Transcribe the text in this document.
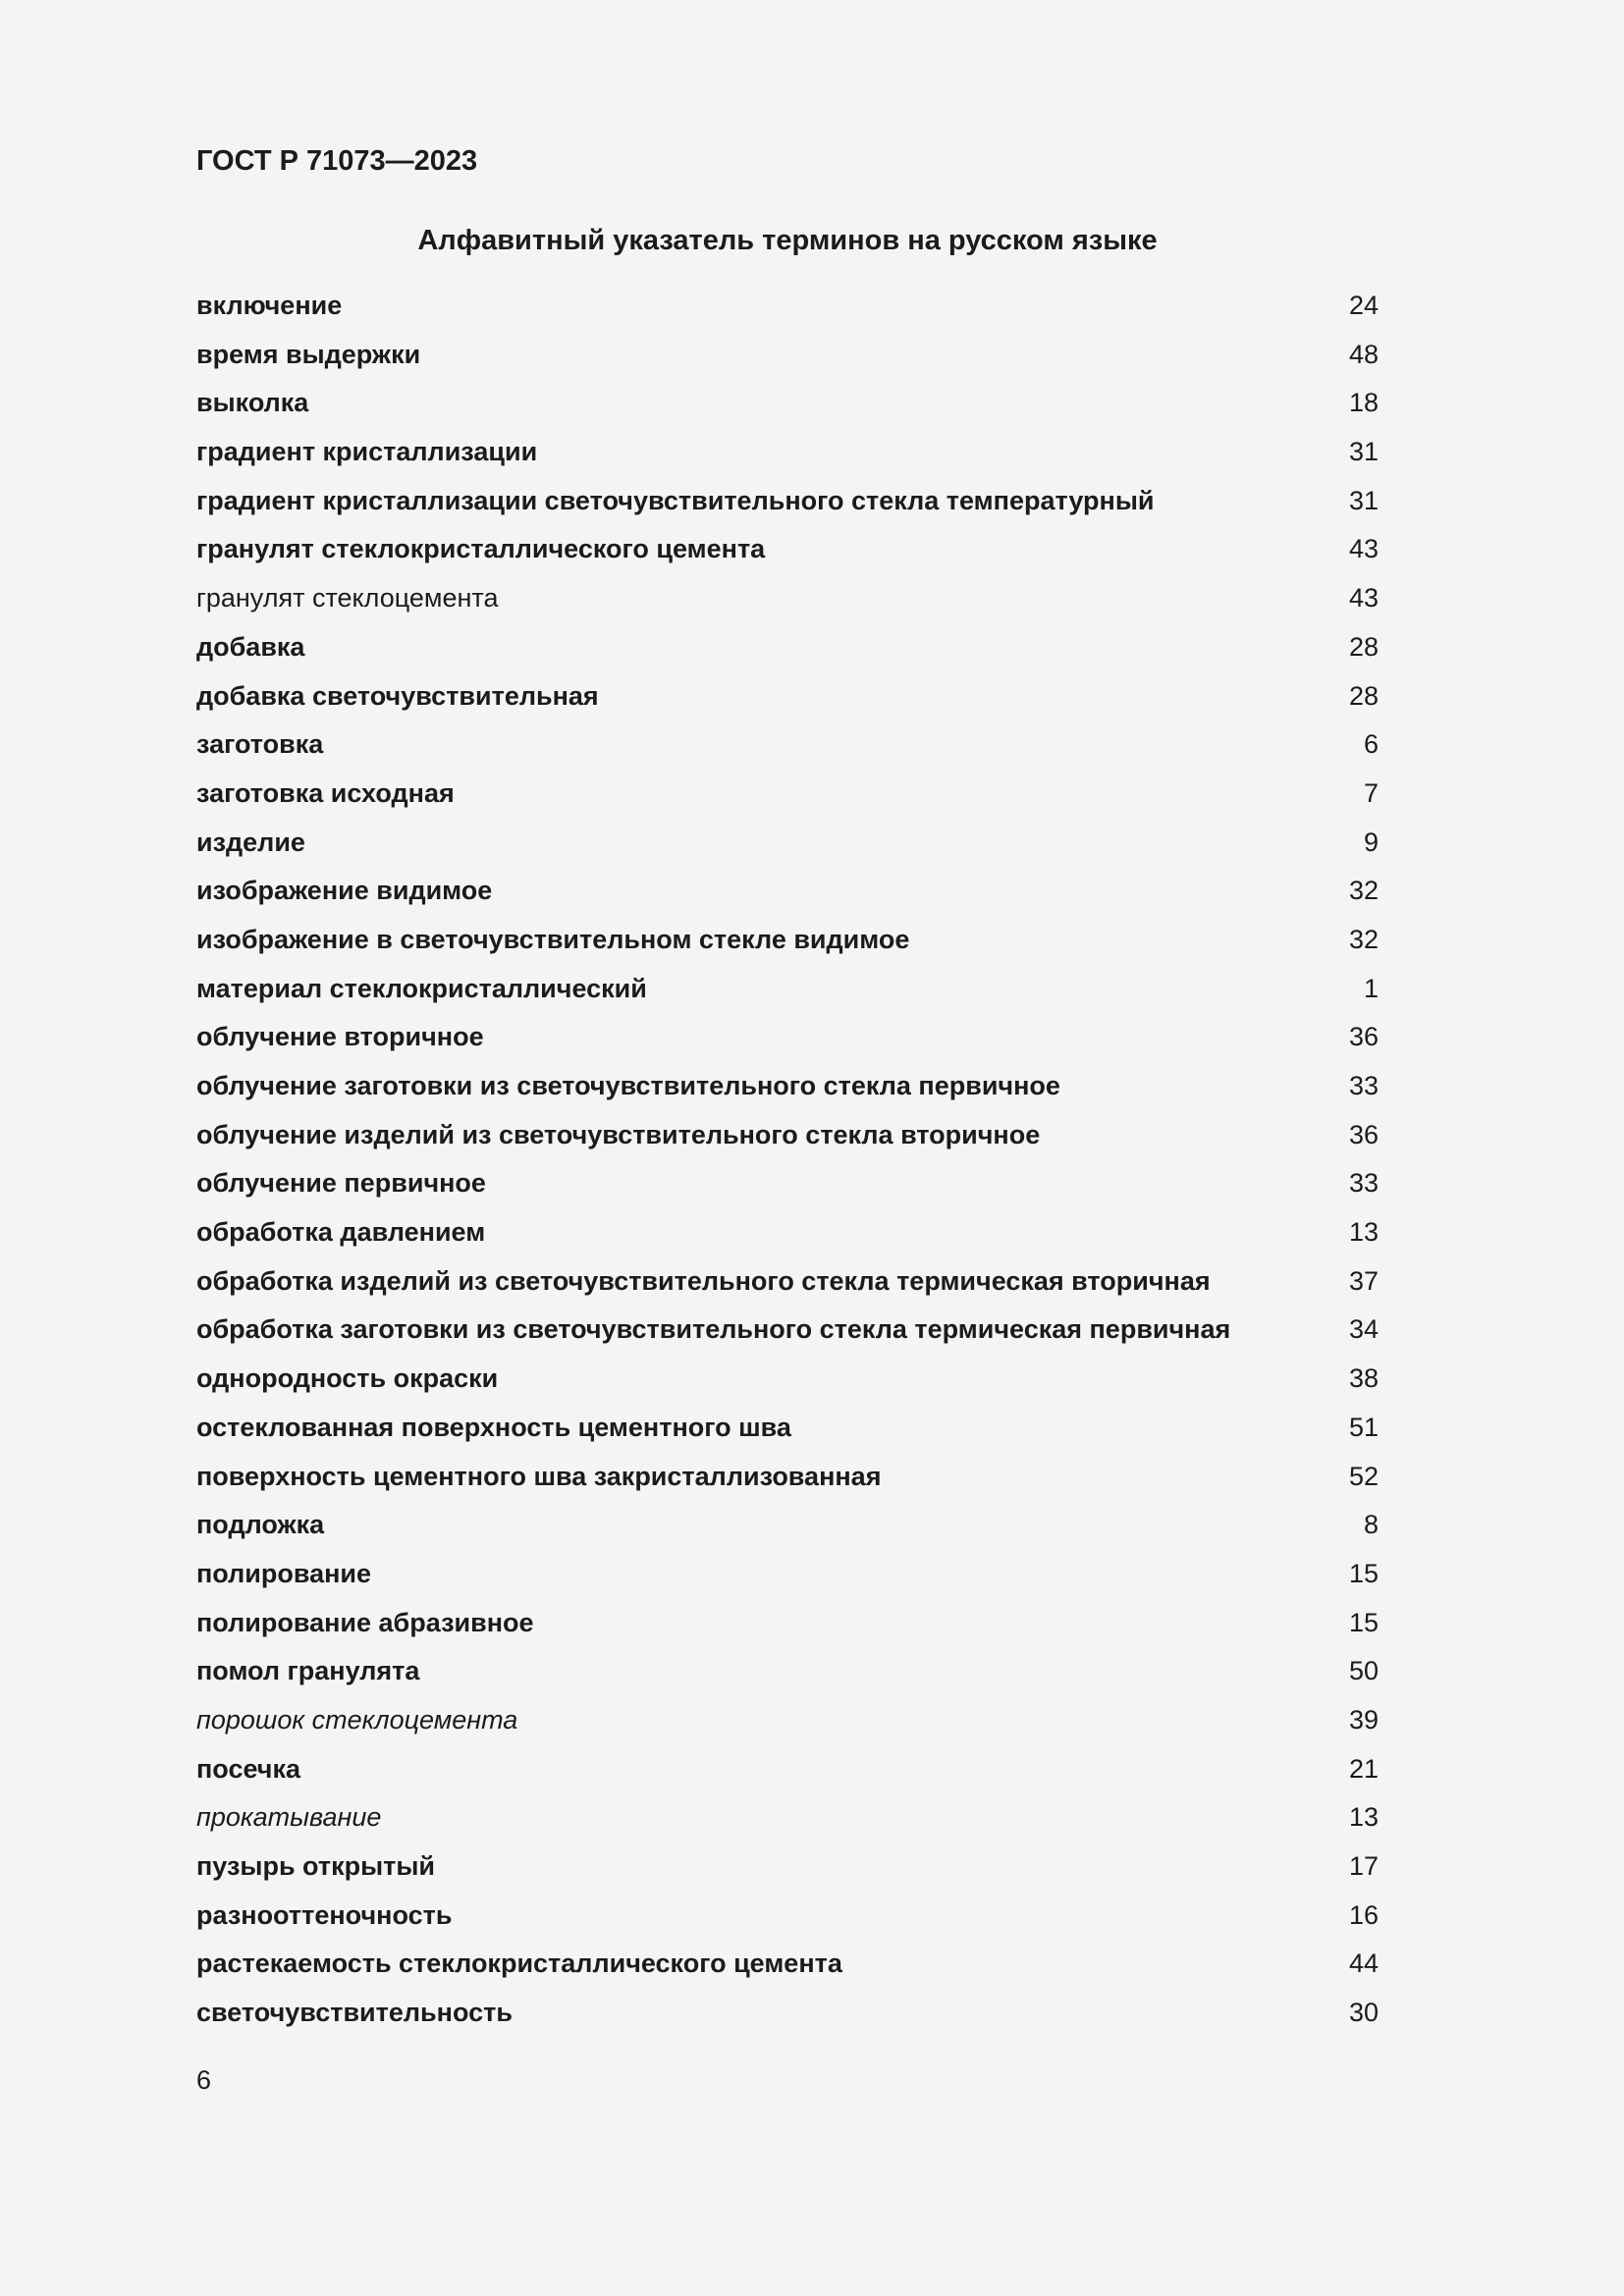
ГОСТ Р 71073—2023
Алфавитный указатель терминов на русском языке
включение	24
время выдержки	48
выколка	18
градиент кристаллизации	31
градиент кристаллизации светочувствительного стекла температурный	31
гранулят стеклокристаллического цемента	43
гранулят стеклоцемента	43
добавка	28
добавка светочувствительная	28
заготовка	6
заготовка исходная	7
изделие	9
изображение видимое	32
изображение в светочувствительном стекле видимое	32
материал стеклокристаллический	1
облучение вторичное	36
облучение заготовки из светочувствительного стекла первичное	33
облучение изделий из светочувствительного стекла вторичное	36
облучение первичное	33
обработка давлением	13
обработка изделий из светочувствительного стекла термическая вторичная	37
обработка заготовки из светочувствительного стекла термическая первичная	34
однородность окраски	38
остеклованная поверхность цементного шва	51
поверхность цементного шва закристаллизованная	52
подложка	8
полирование	15
полирование абразивное	15
помол гранулята	50
порошок стеклоцемента	39
посечка	21
прокатывание	13
пузырь открытый	17
разнооттеночность	16
растекаемость стеклокристаллического цемента	44
светочувствительность	30
6
